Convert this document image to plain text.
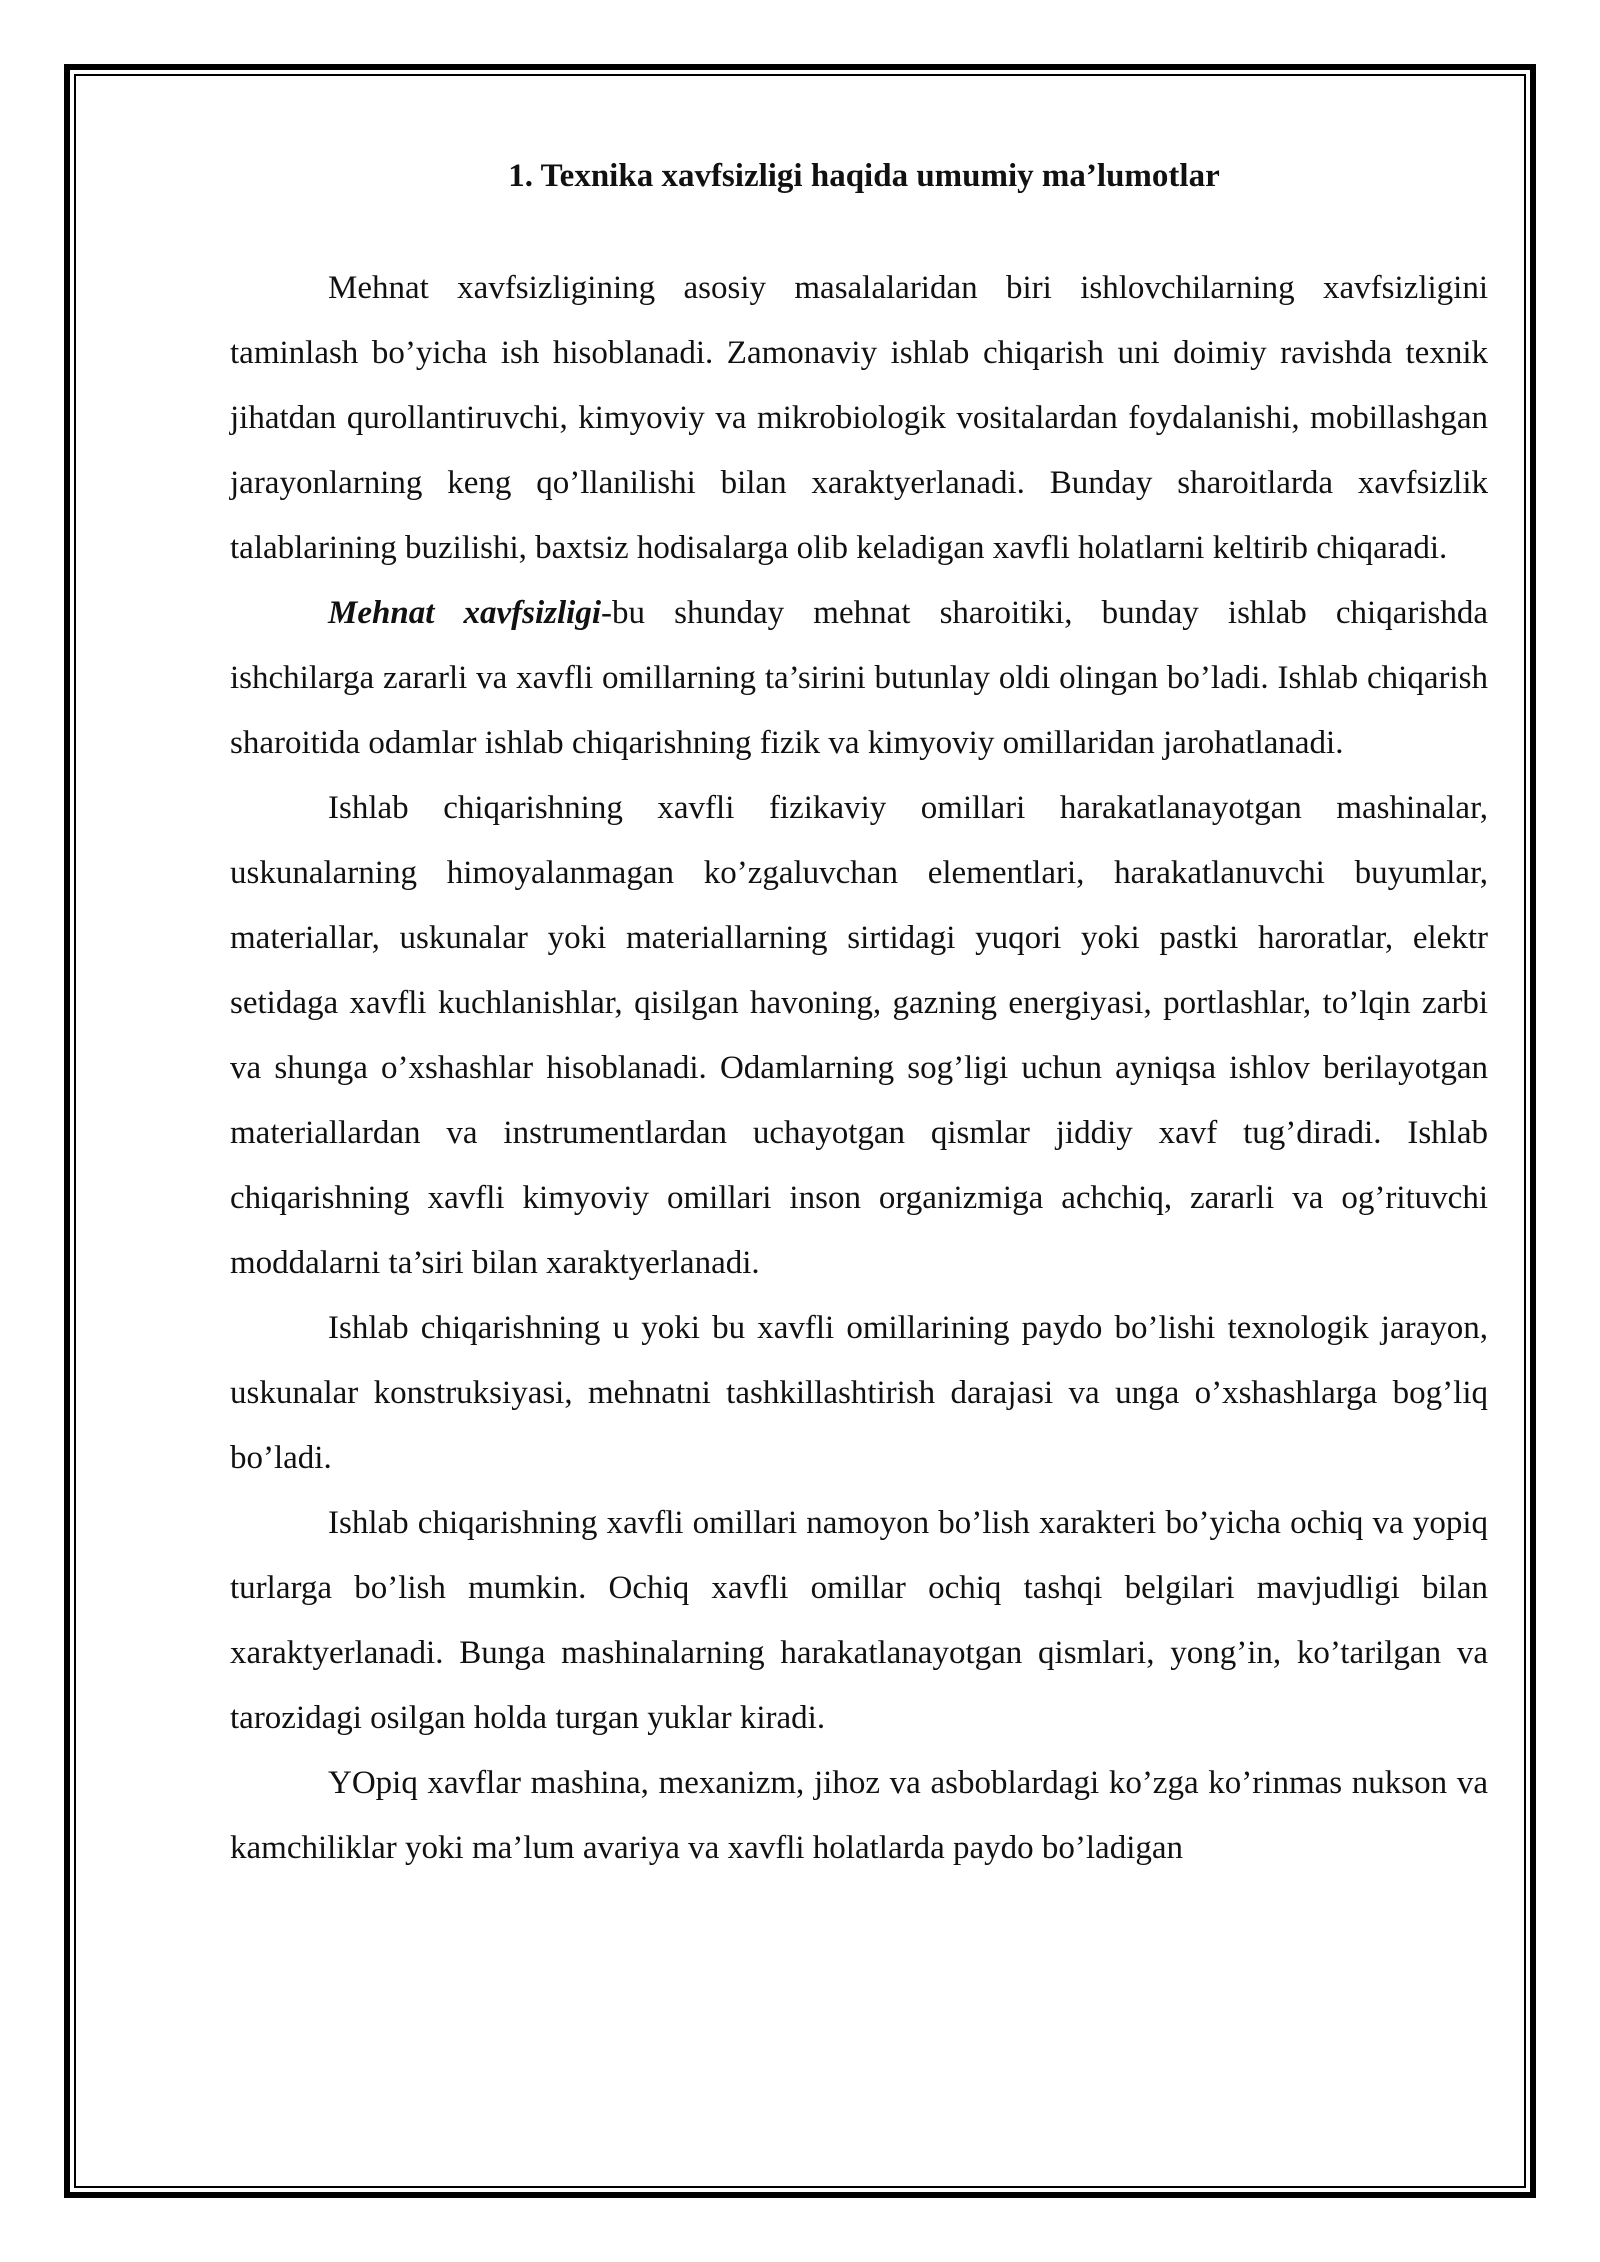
1. Texnika xavfsizligi haqida umumiy ma’lumotlar

Mehnat xavfsizligining asosiy masalalaridan biri ishlovchilarning xavfsizligini taminlash bo’yicha ish hisoblanadi. Zamonaviy ishlab chiqarish uni doimiy ravishda texnik jihatdan qurollantiruvchi, kimyoviy va mikrobiologik vositalardan foydalanishi, mobillashgan jarayonlarning keng qo’llanilishi bilan xaraktyerlanadi. Bunday sharoitlarda xavfsizlik talablarining buzilishi, baxtsiz hodisalarga olib keladigan xavfli holatlarni keltirib chiqaradi.

Mehnat xavfsizligi-bu shunday mehnat sharoitiki, bunday ishlab chiqarishda ishchilarga zararli va xavfli omillarning ta’sirini butunlay oldi olingan bo’ladi. Ishlab chiqarish sharoitida odamlar ishlab chiqarishning fizik va kimyoviy omillaridan jarohatlanadi.

Ishlab chiqarishning xavfli fizikaviy omillari harakatlanayotgan mashinalar, uskunalarning himoyalanmagan ko’zgaluvchan elementlari, harakatlanuvchi buyumlar, materiallar, uskunalar yoki materiallarning sirtidagi yuqori yoki pastki haroratlar, elektr setidaga xavfli kuchlanishlar, qisilgan havoning, gazning energiyasi, portlashlar, to’lqin zarbi va shunga o’xshashlar hisoblanadi. Odamlarning sog’ligi uchun ayniqsa ishlov berilayotgan materiallardan va instrumentlardan uchayotgan qismlar jiddiy xavf tug’diradi. Ishlab chiqarishning xavfli kimyoviy omillari inson organizmiga achchiq, zararli va og’rituvchi moddalarni ta’siri bilan xaraktyerlanadi.

Ishlab chiqarishning u yoki bu xavfli omillarining paydo bo’lishi texnologik jarayon, uskunalar konstruksiyasi, mehnatni tashkillashtirish darajasi va unga o’xshashlarga bog’liq bo’ladi.

Ishlab chiqarishning xavfli omillari namoyon bo’lish xarakteri bo’yicha ochiq va yopiq turlarga bo’lish mumkin. Ochiq xavfli omillar ochiq tashqi belgilari mavjudligi bilan xaraktyerlanadi. Bunga mashinalarning harakatlanayotgan qismlari, yong’in, ko’tarilgan va tarozidagi osilgan holda turgan yuklar kiradi.

YOpiq xavflar mashina, mexanizm, jihoz va asboblardagi ko’zga ko’rinmas nukson va kamchiliklar yoki ma’lum avariya va xavfli holatlarda paydo bo’ladigan
